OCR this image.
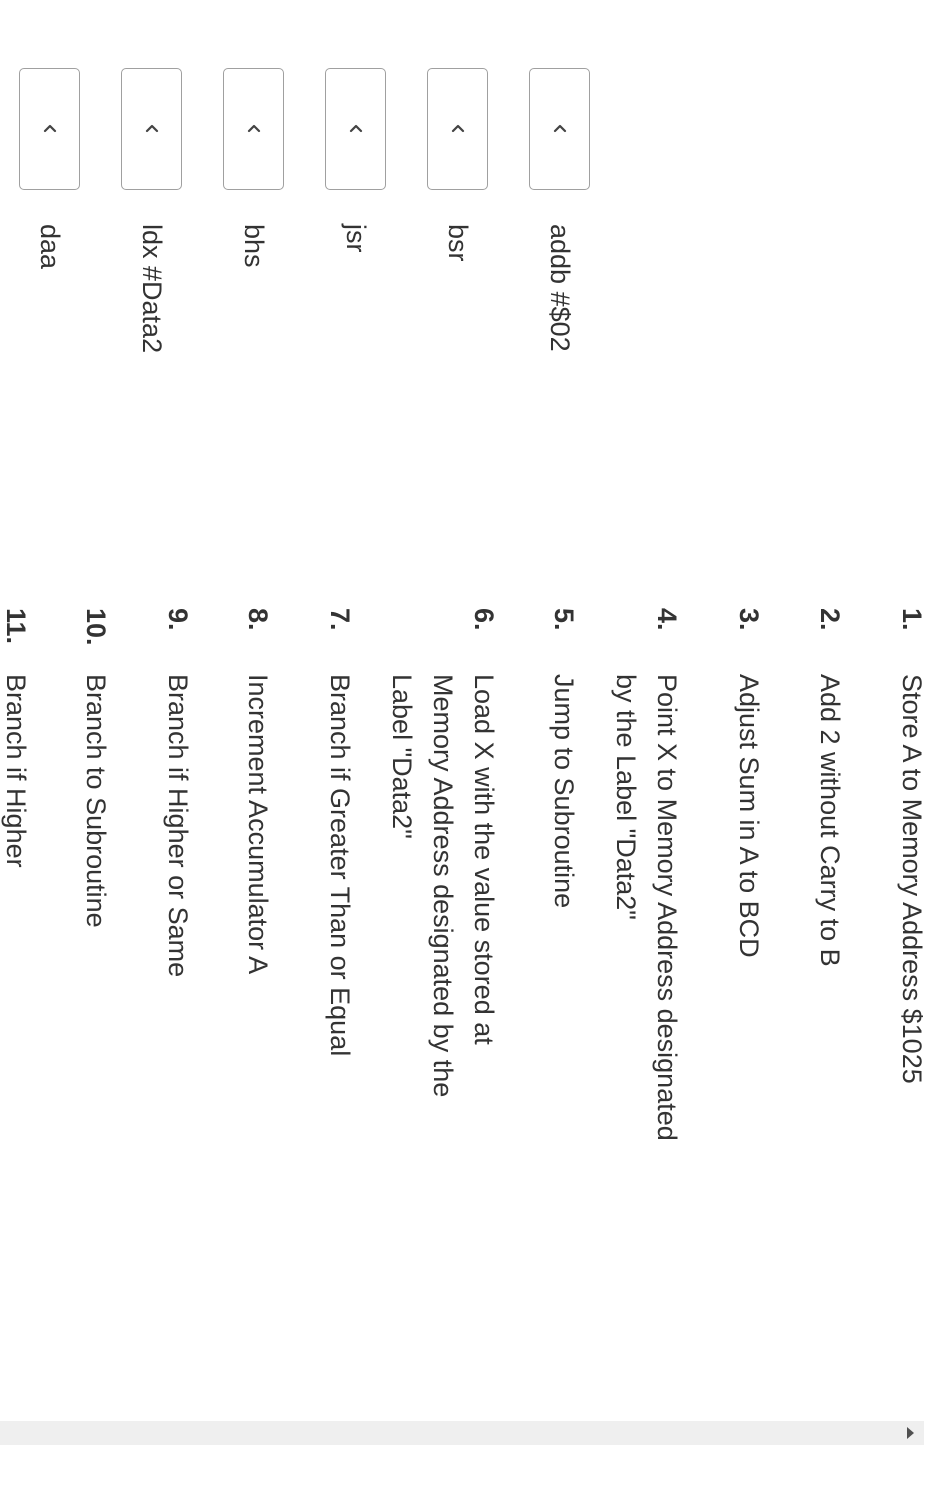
addb #$02
bsr
jsr
bhs
ldx #Data2
daa
1.
Store A to Memory Address $1025
2.
Add 2 without Carry to B
3.
Adjust Sum in A to BCD
4.
Point X to Memory Address designated by the Label "Data2"
5.
Jump to Subroutine
6.
Load X with the value stored at Memory Address designated by the Label "Data2"
7.
Branch if Greater Than or Equal
8.
Increment Accumulator A
9.
Branch if Higher or Same
10.
Branch to Subroutine
11.
Branch if Higher
